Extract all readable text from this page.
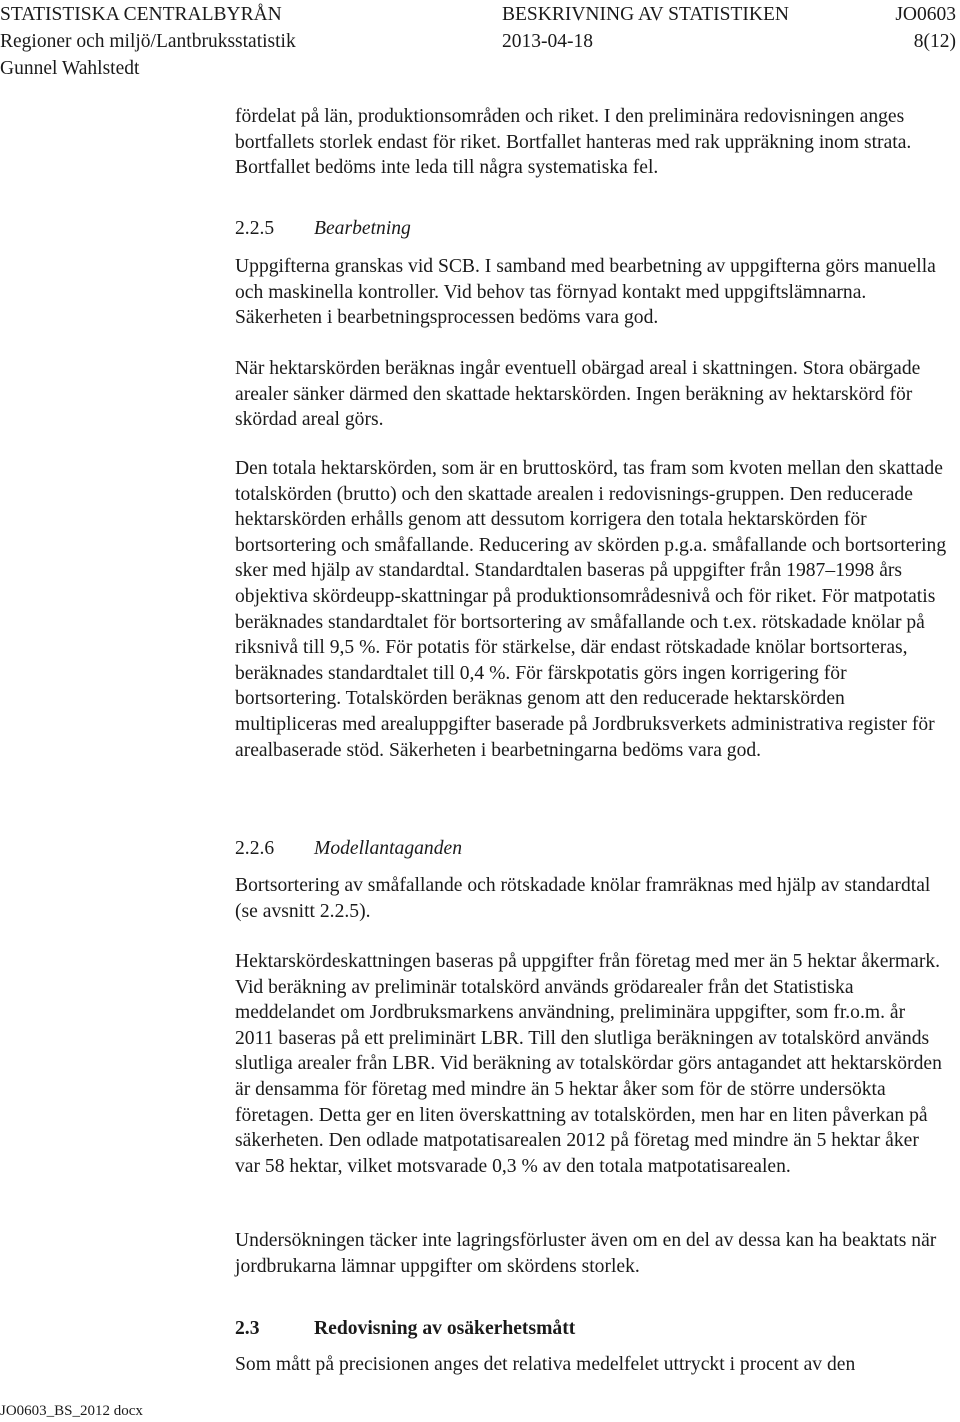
STATISTISKA CENTRALBYRÅN	BESKRIVNING AV STATISTIKEN	JO0603
Regioner och miljö/Lantbruksstatistik	2013-04-18	8(12)
Gunnel Wahlstedt

fördelat på län, produktionsområden och riket. I den preliminära redovisningen anges bortfallets storlek endast för riket. Bortfallet hanteras med rak uppräkning inom strata. Bortfallet bedöms inte leda till några systematiska fel.

2.2.5 Bearbetning

Uppgifterna granskas vid SCB. I samband med bearbetning av uppgifterna görs manuella och maskinella kontroller. Vid behov tas förnyad kontakt med uppgiftslämnarna. Säkerheten i bearbetningsprocessen bedöms vara god.

När hektarskörden beräknas ingår eventuell obärgad areal i skattningen. Stora obärgade arealer sänker därmed den skattade hektarskörden. Ingen beräkning av hektarskörd för skördad areal görs.

Den totala hektarskörden, som är en bruttoskörd, tas fram som kvoten mellan den skattade totalskörden (brutto) och den skattade arealen i redovisnings-gruppen. Den reducerade hektarskörden erhålls genom att dessutom korrigera den totala hektarskörden för bortsortering och småfallande. Reducering av skörden p.g.a. småfallande och bortsortering sker med hjälp av standardtal. Standardtalen baseras på uppgifter från 1987–1998 års objektiva skördeupp-skattningar på produktionsområdesnivå och för riket. För matpotatis beräknades standardtalet för bortsortering av småfallande och t.ex. rötskadade knölar på riksnivå till 9,5 %. För potatis för stärkelse, där endast rötskadade knölar bortsorteras, beräknades standardtalet till 0,4 %. För färskpotatis görs ingen korrigering för bortsortering. Totalskörden beräknas genom att den reducerade hektarskörden multipliceras med arealuppgifter baserade på Jordbruksverkets administrativa register för arealbaserade stöd. Säkerheten i bearbetningarna bedöms vara god.

2.2.6 Modellantaganden

Bortsortering av småfallande och rötskadade knölar framräknas med hjälp av standardtal (se avsnitt 2.2.5).

Hektarskördeskattningen baseras på uppgifter från företag med mer än 5 hektar åkermark. Vid beräkning av preliminär totalskörd används grödarealer från det Statistiska meddelandet om Jordbruksmarkens användning, preliminära uppgifter, som fr.o.m. år 2011 baseras på ett preliminärt LBR. Till den slutliga beräkningen av totalskörd används slutliga arealer från LBR. Vid beräkning av totalskördar görs antagandet att hektarskörden är densamma för företag med mindre än 5 hektar åker som för de större undersökta företagen. Detta ger en liten överskattning av totalskörden, men har en liten påverkan på säkerheten. Den odlade matpotatisarealen 2012 på företag med mindre än 5 hektar åker var 58 hektar, vilket motsvarade 0,3 % av den totala matpotatisarealen.

Undersökningen täcker inte lagringsförluster även om en del av dessa kan ha beaktats när jordbrukarna lämnar uppgifter om skördens storlek.

2.3	Redovisning av osäkerhetsmått

Som mått på precisionen anges det relativa medelfelet uttryckt i procent av den

JO0603_BS_2012 docx
